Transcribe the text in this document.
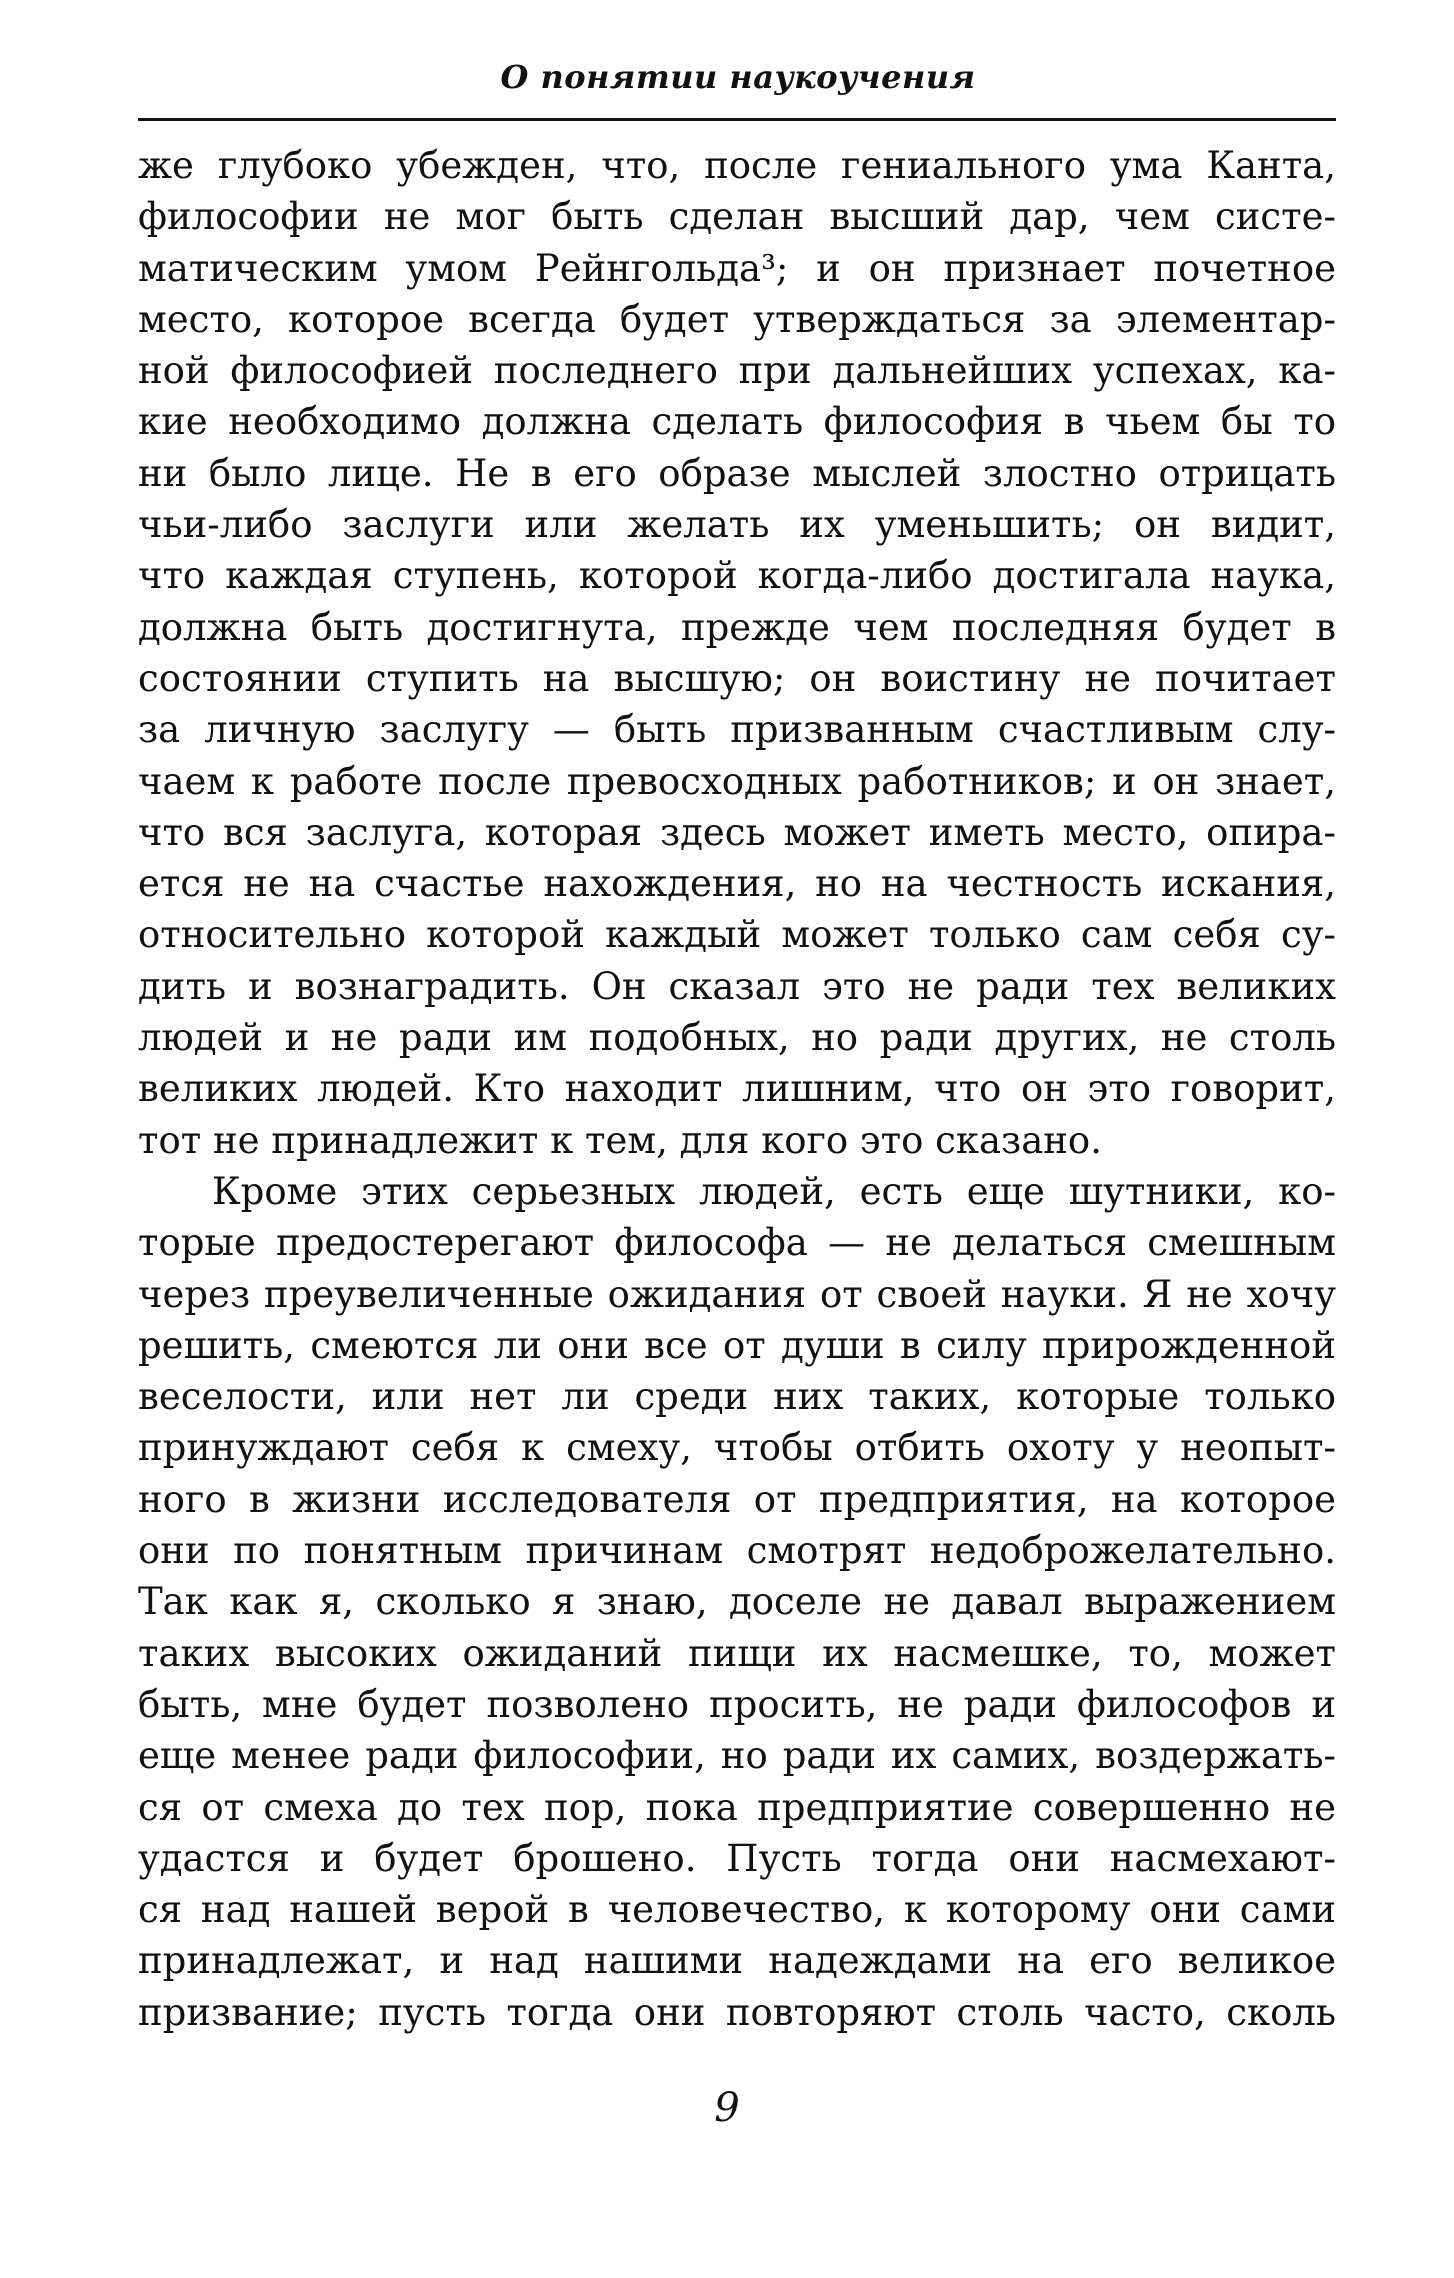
О понятии наукоучения
же глубоко убежден, что, после гениального ума Канта,
философии не мог быть сделан высший дар, чем систе-
матическим умом Рейнгольда³; и он признает почетное
место, которое всегда будет утверждаться за элементар-
ной философией последнего при дальнейших успехах, ка-
кие необходимо должна сделать философия в чьем бы то
ни было лице. Не в его образе мыслей злостно отрицать
чьи-либо заслуги или желать их уменьшить; он видит,
что каждая ступень, которой когда-либо достигала наука,
должна быть достигнута, прежде чем последняя будет в
состоянии ступить на высшую; он воистину не почитает
за личную заслугу — быть призванным счастливым слу-
чаем к работе после превосходных работников; и он знает,
что вся заслуга, которая здесь может иметь место, опира-
ется не на счастье нахождения, но на честность искания,
относительно которой каждый может только сам себя су-
дить и вознаградить. Он сказал это не ради тех великих
людей и не ради им подобных, но ради других, не столь
великих людей. Кто находит лишним, что он это говорит,
тот не принадлежит к тем, для кого это сказано.
Кроме этих серьезных людей, есть еще шутники, ко-
торые предостерегают философа — не делаться смешным
через преувеличенные ожидания от своей науки. Я не хочу
решить, смеются ли они все от души в силу прирожденной
веселости, или нет ли среди них таких, которые только
принуждают себя к смеху, чтобы отбить охоту у неопыт-
ного в жизни исследователя от предприятия, на которое
они по понятным причинам смотрят недоброжелательно.
Так как я, сколько я знаю, доселе не давал выражением
таких высоких ожиданий пищи их насмешке, то, может
быть, мне будет позволено просить, не ради философов и
еще менее ради философии, но ради их самих, воздержать-
ся от смеха до тех пор, пока предприятие совершенно не
удастся и будет брошено. Пусть тогда они насмехают-
ся над нашей верой в человечество, к которому они сами
принадлежат, и над нашими надеждами на его великое
призвание; пусть тогда они повторяют столь часто, сколь
9
